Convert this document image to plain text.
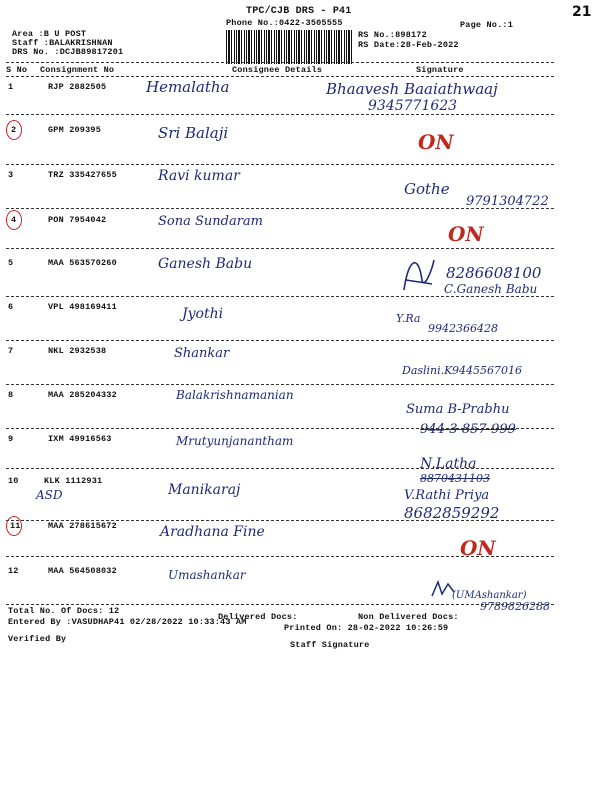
21
TPC/CJB DRS - P41
Phone No.:0422-3505555	Page No.:1
Area :B U POST
Staff :BALAKRISHNAN
DRS No. :DCJB89817201
RS No.:898172
RS Date:28-Feb-2022
S No Consignment No	Consignee Details	Signature
1	RJP 2882505	Hemalatha	Bhaavesh Baaiathwaaj
9345771623
2	GPM 209395	Sri Balaji	ON
3	TRZ 335427655	Ravi kumar
Gothe
9791304722
4	PON 7954042	Sona Sundaram
ON
5	MAA 563570260	Ganesh Babu	8286608100
C.Ganesh Babu
6	VPL 498169411	Jyothi	Y.Ra
9942366428
7	NKL 2932538	Shankar
Daslini.K 9445567016
8	MAA 285204332	Balakrishnamanian
Suma B-Prabhu
944-3-857-999
9	IXM 49916563	Mrutyunjanantham
N.Latha
8870431103
10	KLK 1112931
ASD	Manikaraj	V.Rathi Priya
8682859292
11	MAA 278615672	Aradhana Fine
ON
12	MAA 564508032	Umashankar
(UMAshankar)
9789826288
Total No. Of Docs: 12
Delivered Docs:	Non Delivered Docs:
Entered By :VASUDHAP41 02/28/2022 10:33:43 AM
Printed On: 28-02-2022 10:26:59
Verified By
Staff Signature
